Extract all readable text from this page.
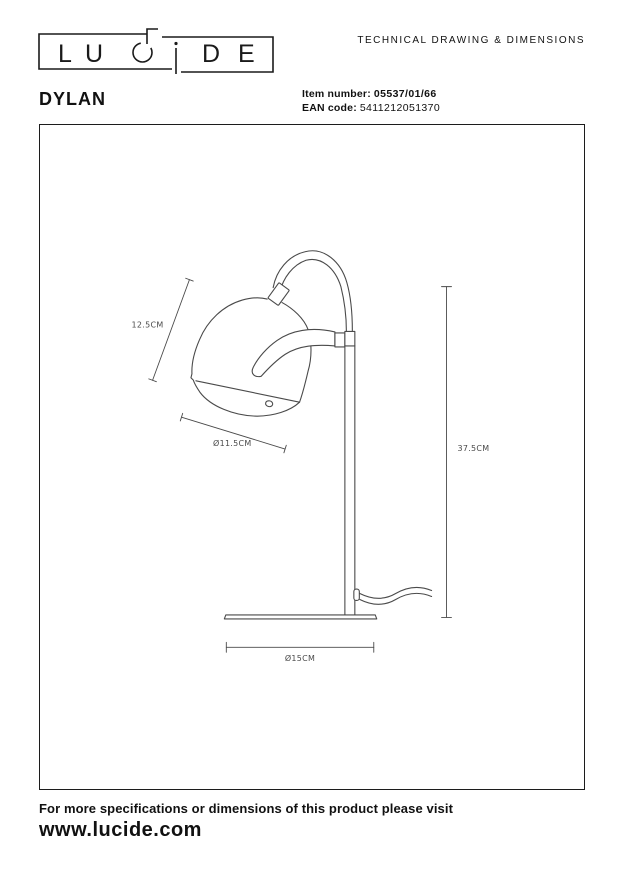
L U	D E	TECHNICAL DRAWING & DIMENSIONS
DYLAN	Item number: 05537/01/66
EAN code: 5411212051370
12.5CM
Ø11.5CM
37.5CM
Ø15CM
For more specifications or dimensions of this product please visit
www.lucide.com
